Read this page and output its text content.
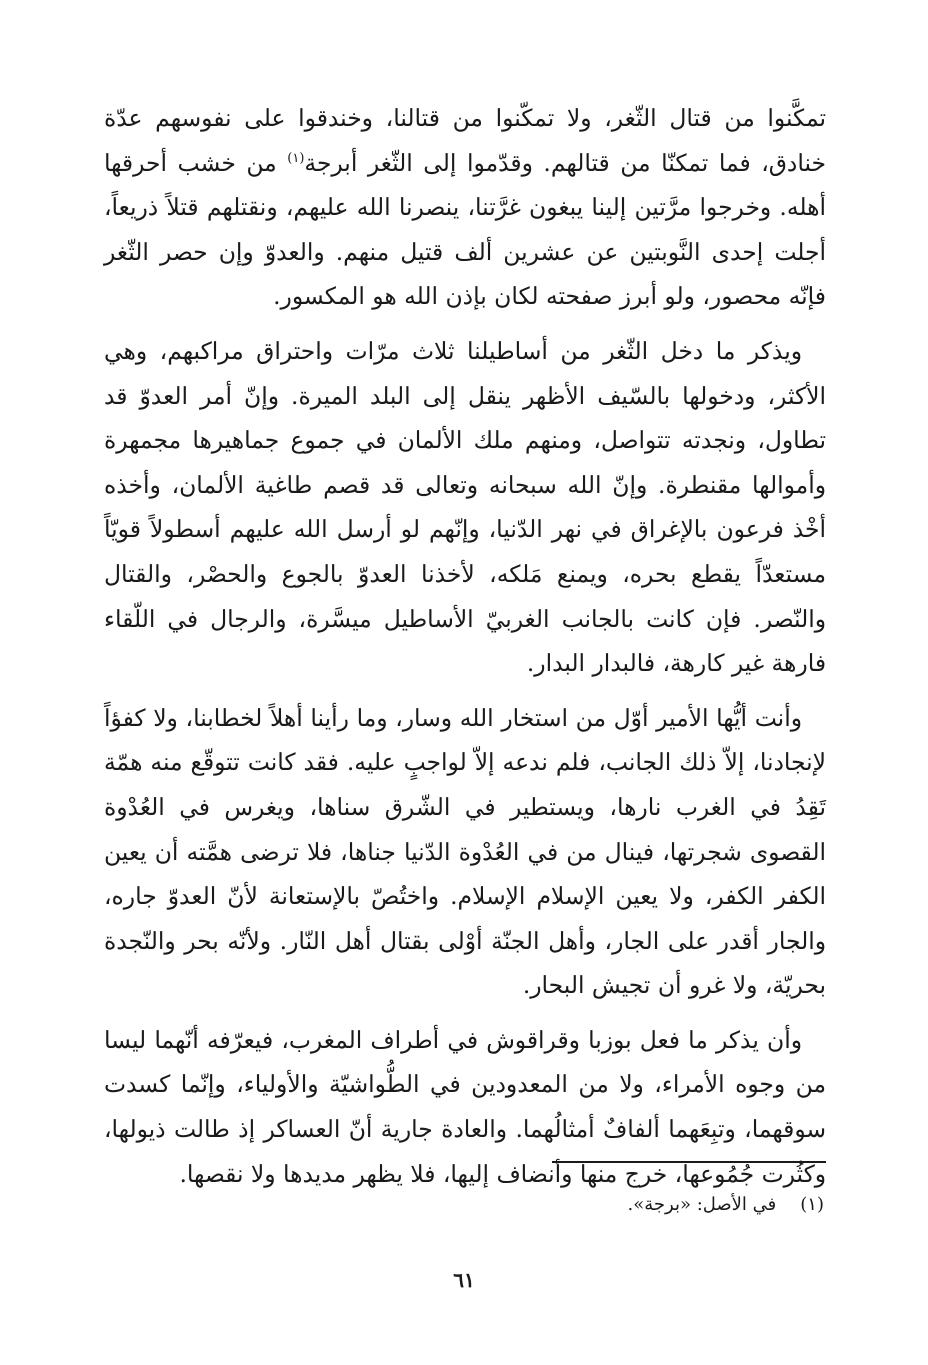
تمكَّنوا من قتال الثّغر، ولا تمكّنوا من قتالنا، وخندقوا على نفوسهم عدّة خنادق، فما تمكنّا من قتالهم. وقدّموا إلى الثّغر أبرجة$^{(١)}$ من خشب أحرقها أهله. وخرجوا مرَّتين إلينا يبغون غرَّتنا، ينصرنا الله عليهم، ونقتلهم قتلاً ذريعاً، أجلت إحدى النَّوبتين عن عشرين ألف قتيل منهم. والعدوّ وإن حصر الثّغر فإنّه محصور، ولو أبرز صفحته لكان بإذن الله هو المكسور.

ويذكر ما دخل الثّغر من أساطيلنا ثلاث مرّات واحتراق مراكبهم، وهي الأكثر، ودخولها بالسّيف الأظهر ينقل إلى البلد الميرة. وإنّ أمر العدوّ قد تطاول، ونجدته تتواصل، ومنهم ملك الألمان في جموع جماهيرها مجمهرة وأموالها مقنطرة. وإنّ الله سبحانه وتعالى قد قصم طاغية الألمان، وأخذه أخْذ فرعون بالإغراق في نهر الدّنيا، وإنّهم لو أرسل الله عليهم أسطولاً قويّاً مستعدّاً يقطع بحره، ويمنع مَلكه، لأخذنا العدوّ بالجوع والحصْر، والقتال والنّصر. فإن كانت بالجانب الغربيّ الأساطيل ميسَّرة، والرجال في اللّقاء فارهة غير كارهة، فالبدار البدار.

وأنت أيُّها الأمير أوّل من استخار الله وسار، وما رأينا أهلاً لخطابنا، ولا كفؤاً لإنجادنا، إلاّ ذلك الجانب، فلم ندعه إلاّ لواجبٍ عليه. فقد كانت تتوقّع منه همّة تَقِدُ في الغرب نارها، ويستطير في الشّرق سناها، ويغرس في العُدْوة القصوى شجرتها، فينال من في العُدْوة الدّنيا جناها، فلا ترضى همَّته أن يعين الكفر الكفر، ولا يعين الإسلام الإسلام. واختُصّ بالإستعانة لأنّ العدوّ جاره، والجار أقدر على الجار، وأهل الجنّة أوْلى بقتال أهل النّار. ولأنّه بحر والنّجدة بحريّة، ولا غرو أن تجيش البحار.

وأن يذكر ما فعل بوزبا وقراقوش في أطراف المغرب، فيعرّفه أنّهما ليسا من وجوه الأمراء، ولا من المعدودين في الطُّواشيّة والأولياء، وإنّما كسدت سوقهما، وتبِعَهما ألفافٌ أمثالُهما. والعادة جارية أنّ العساكر إذ طالت ذيولها، وكثُرت جُمُوعها، خرج منها وأنضاف إليها، فلا يظهر مديدها ولا نقصها.

(١)في الأصل: «برجة».
٦١
